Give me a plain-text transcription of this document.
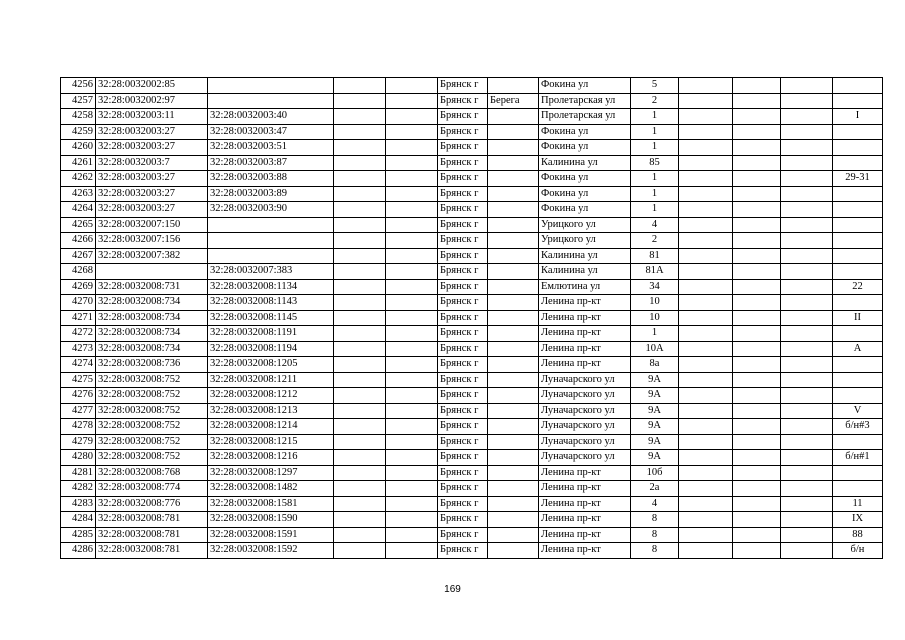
4256	32:28:0032002:85				Брянск г		Фокина ул	5				
4257	32:28:0032002:97				Брянск г	Берега	Пролетарская ул	2				
4258	32:28:0032003:11	32:28:0032003:40			Брянск г		Пролетарская ул	1				I
4259	32:28:0032003:27	32:28:0032003:47			Брянск г		Фокина ул	1				
4260	32:28:0032003:27	32:28:0032003:51			Брянск г		Фокина ул	1				
4261	32:28:0032003:7	32:28:0032003:87			Брянск г		Калинина ул	85				
4262	32:28:0032003:27	32:28:0032003:88			Брянск г		Фокина ул	1				29-31
4263	32:28:0032003:27	32:28:0032003:89			Брянск г		Фокина ул	1				
4264	32:28:0032003:27	32:28:0032003:90			Брянск г		Фокина ул	1				
4265	32:28:0032007:150				Брянск г		Урицкого ул	4				
4266	32:28:0032007:156				Брянск г		Урицкого ул	2				
4267	32:28:0032007:382				Брянск г		Калинина ул	81				
4268		32:28:0032007:383			Брянск г		Калинина ул	81А				
4269	32:28:0032008:731	32:28:0032008:1134			Брянск г		Емлютина ул	34				22
4270	32:28:0032008:734	32:28:0032008:1143			Брянск г		Ленина пр-кт	10				
4271	32:28:0032008:734	32:28:0032008:1145			Брянск г		Ленина пр-кт	10				II
4272	32:28:0032008:734	32:28:0032008:1191			Брянск г		Ленина пр-кт	1				
4273	32:28:0032008:734	32:28:0032008:1194			Брянск г		Ленина пр-кт	10А				А
4274	32:28:0032008:736	32:28:0032008:1205			Брянск г		Ленина пр-кт	8а				
4275	32:28:0032008:752	32:28:0032008:1211			Брянск г		Луначарского ул	9А				
4276	32:28:0032008:752	32:28:0032008:1212			Брянск г		Луначарского ул	9А				
4277	32:28:0032008:752	32:28:0032008:1213			Брянск г		Луначарского ул	9А				V
4278	32:28:0032008:752	32:28:0032008:1214			Брянск г		Луначарского ул	9А				б/н#3
4279	32:28:0032008:752	32:28:0032008:1215			Брянск г		Луначарского ул	9А				
4280	32:28:0032008:752	32:28:0032008:1216			Брянск г		Луначарского ул	9А				б/н#1
4281	32:28:0032008:768	32:28:0032008:1297			Брянск г		Ленина пр-кт	10б				
4282	32:28:0032008:774	32:28:0032008:1482			Брянск г		Ленина пр-кт	2а				
4283	32:28:0032008:776	32:28:0032008:1581			Брянск г		Ленина пр-кт	4				11
4284	32:28:0032008:781	32:28:0032008:1590			Брянск г		Ленина пр-кт	8				IX
4285	32:28:0032008:781	32:28:0032008:1591			Брянск г		Ленина пр-кт	8				88
4286	32:28:0032008:781	32:28:0032008:1592			Брянск г		Ленина пр-кт	8				б/н
169
